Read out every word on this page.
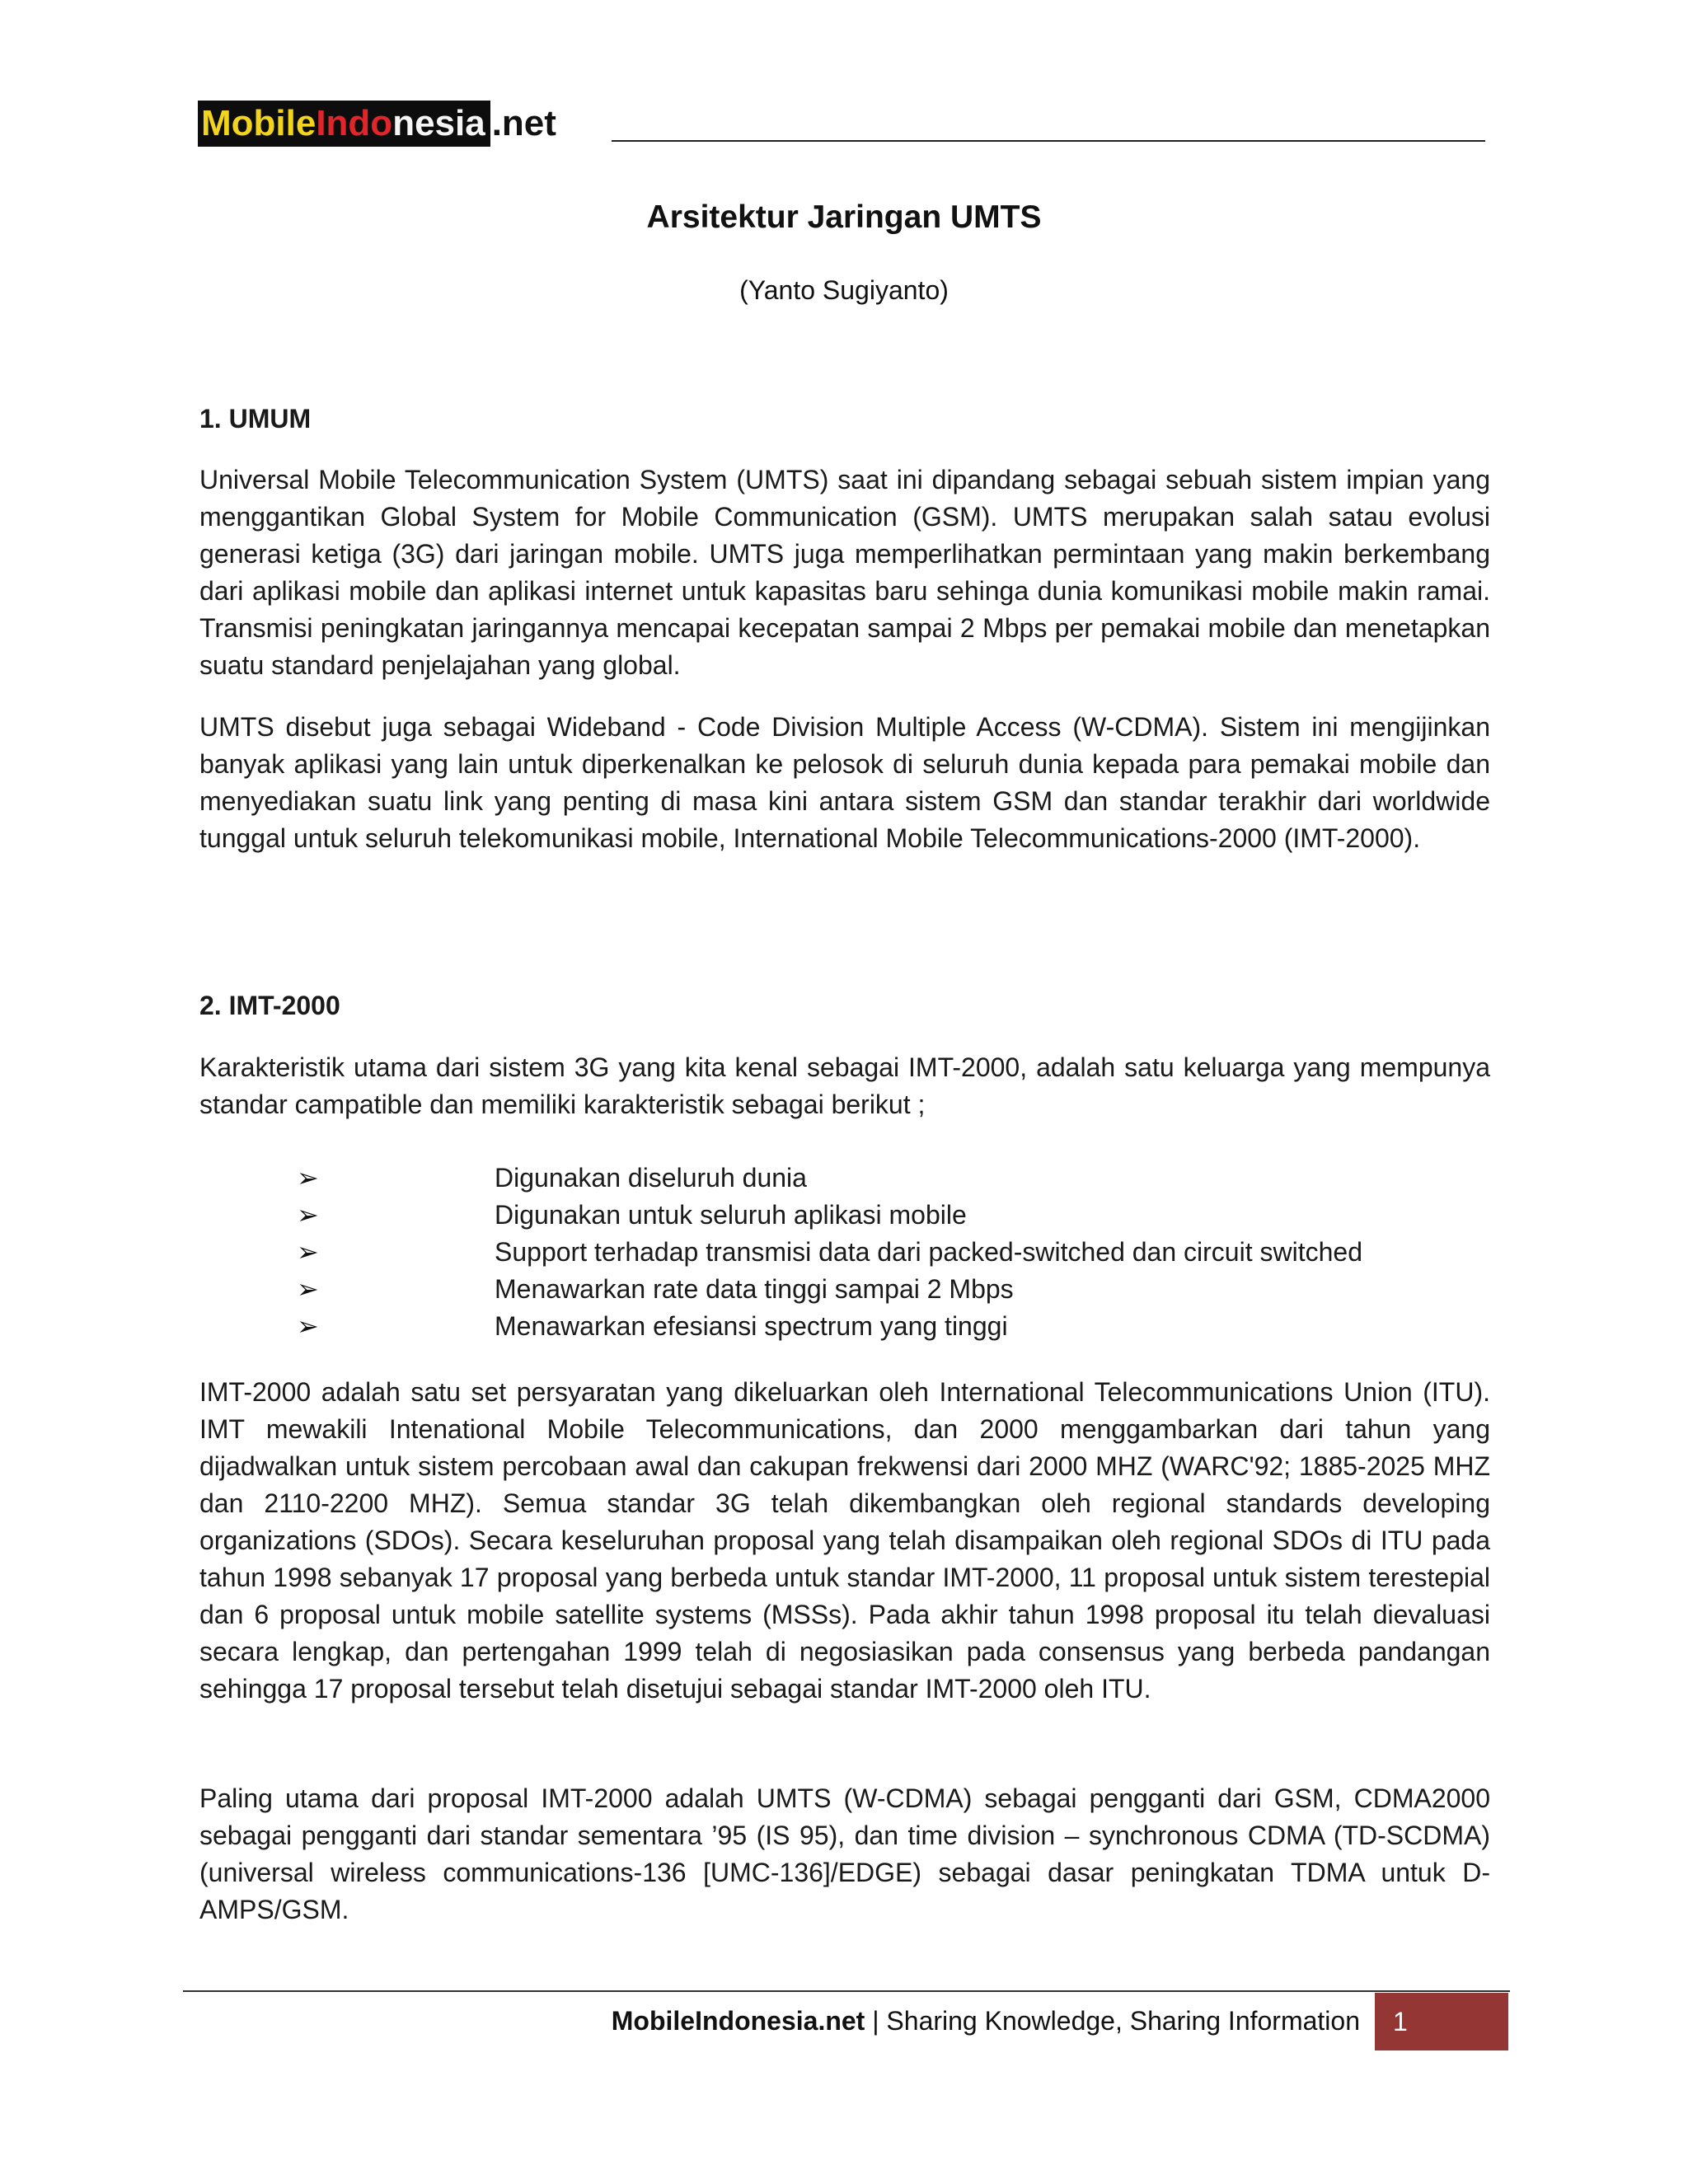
Mobile Indo nesia .net
Arsitektur Jaringan UMTS
(Yanto Sugiyanto)
1. UMUM

Universal Mobile Telecommunication System (UMTS) saat ini dipandang sebagai sebuah sistem impian yang menggantikan Global System for Mobile Communication (GSM). UMTS merupakan salah satau evolusi generasi ketiga (3G) dari jaringan mobile. UMTS juga memperlihatkan permintaan yang makin berkembang dari aplikasi mobile dan aplikasi internet untuk kapasitas baru sehinga dunia komunikasi mobile makin ramai. Transmisi peningkatan jaringannya mencapai kecepatan sampai 2 Mbps per pemakai mobile dan menetapkan suatu standard penjelajahan yang global.

UMTS disebut juga sebagai Wideband - Code Division Multiple Access (W-CDMA). Sistem ini mengijinkan banyak aplikasi yang lain untuk diperkenalkan ke pelosok di seluruh dunia kepada para pemakai mobile dan menyediakan suatu link yang penting di masa kini antara sistem GSM dan standar terakhir dari worldwide tunggal untuk seluruh telekomunikasi mobile, International Mobile Telecommunications-2000 (IMT-2000).

2. IMT-2000

Karakteristik utama dari sistem 3G yang kita kenal sebagai IMT-2000, adalah satu keluarga yang mempunya standar campatible dan memiliki karakteristik sebagai berikut ;

➢	Digunakan diseluruh dunia
➢	Digunakan untuk seluruh aplikasi mobile
➢	Support terhadap transmisi data dari packed-switched dan circuit switched
➢	Menawarkan rate data tinggi sampai 2 Mbps
➢	Menawarkan efesiansi spectrum yang tinggi

IMT-2000 adalah satu set persyaratan yang dikeluarkan oleh International Telecommunications Union (ITU). IMT mewakili Intenational Mobile Telecommunications, dan 2000 menggambarkan dari tahun yang dijadwalkan untuk sistem percobaan awal dan cakupan frekwensi dari 2000 MHZ (WARC'92; 1885-2025 MHZ dan 2110-2200 MHZ). Semua standar 3G telah dikembangkan oleh regional standards developing organizations (SDOs). Secara keseluruhan proposal yang telah disampaikan oleh regional SDOs di ITU pada tahun 1998 sebanyak 17 proposal yang berbeda untuk standar IMT-2000, 11 proposal untuk sistem terestерial dan 6 proposal untuk mobile satellite systems (MSSs). Pada akhir tahun 1998 proposal itu telah dievaluasi secara lengkap, dan pertengahan 1999 telah di negosiasikan pada consensus yang berbeda pandangan sehingga 17 proposal tersebut telah disetujui sebagai standar IMT-2000 oleh ITU.

Paling utama dari proposal IMT-2000 adalah UMTS (W-CDMA) sebagai pengganti dari GSM, CDMA2000 sebagai pengganti dari standar sementara ’95 (IS 95), dan time division – synchronous CDMA (TD-SCDMA) (universal wireless communications-136 [UMC-136]/EDGE) sebagai dasar peningkatan TDMA untuk D-AMPS/GSM.

MobileIndonesia.net | Sharing Knowledge, Sharing Information	1
